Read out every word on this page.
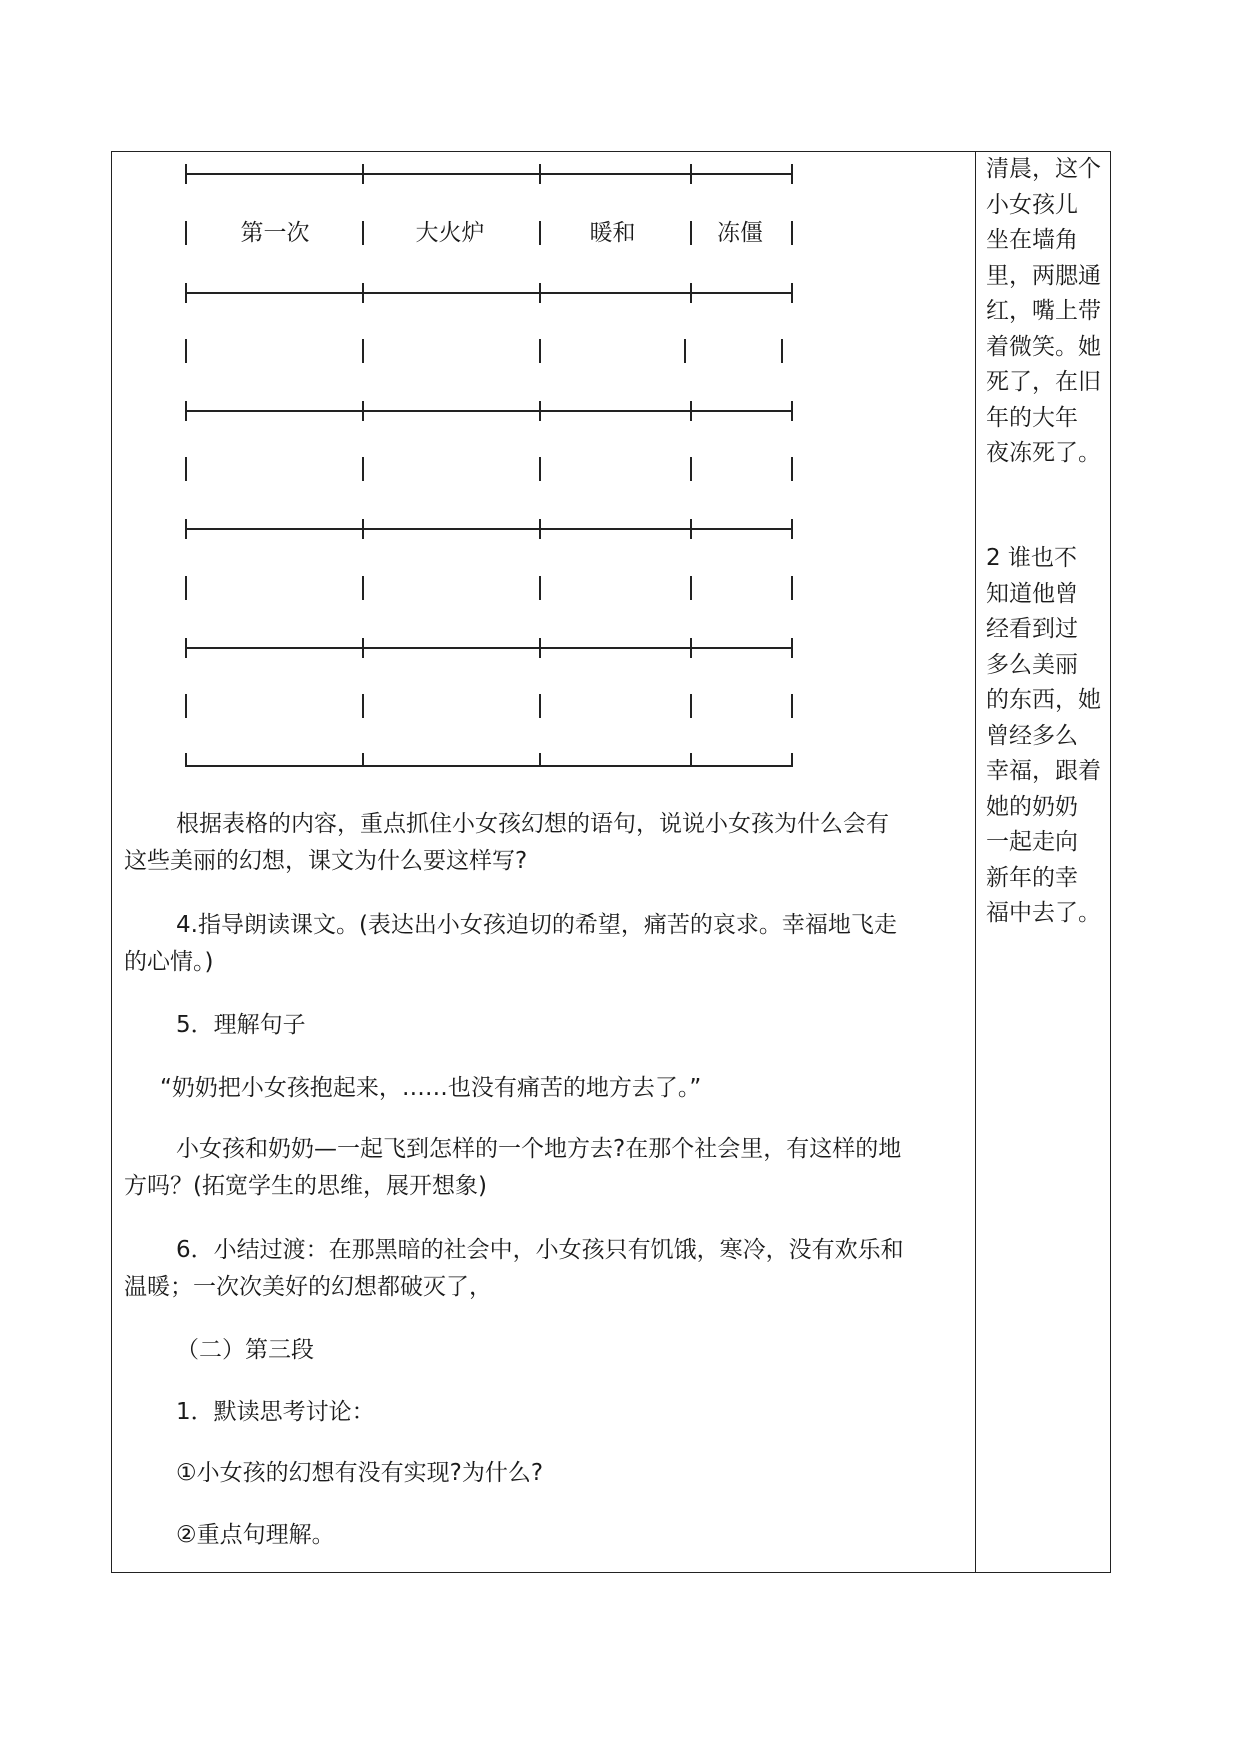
第一次	大火炉	暖和	冻僵
根据表格的内容，重点抓住小女孩幻想的语句，说说小女孩为什么会有
这些美丽的幻想，课文为什么要这样写?
4.指导朗读课文。(表达出小女孩迫切的希望，痛苦的哀求。幸福地飞走
的心情。)
5．理解句子
“奶奶把小女孩抱起来，……也没有痛苦的地方去了。”
小女孩和奶奶—一起飞到怎样的一个地方去?在那个社会里，有这样的地
方吗？(拓宽学生的思维，展开想象)
6．小结过渡：在那黑暗的社会中，小女孩只有饥饿，寒冷，没有欢乐和
温暖；一次次美好的幻想都破灭了，
（二）第三段
1．默读思考讨论：
①小女孩的幻想有没有实现?为什么?
②重点句理解。
清晨，这个
小女孩儿
坐在墙角
里，两腮通
红，嘴上带
着微笑。她
死了，在旧
年的大年
夜冻死了。
2 谁也不
知道他曾
经看到过
多么美丽
的东西，她
曾经多么
幸福，跟着
她的奶奶
一起走向
新年的幸
福中去了。
